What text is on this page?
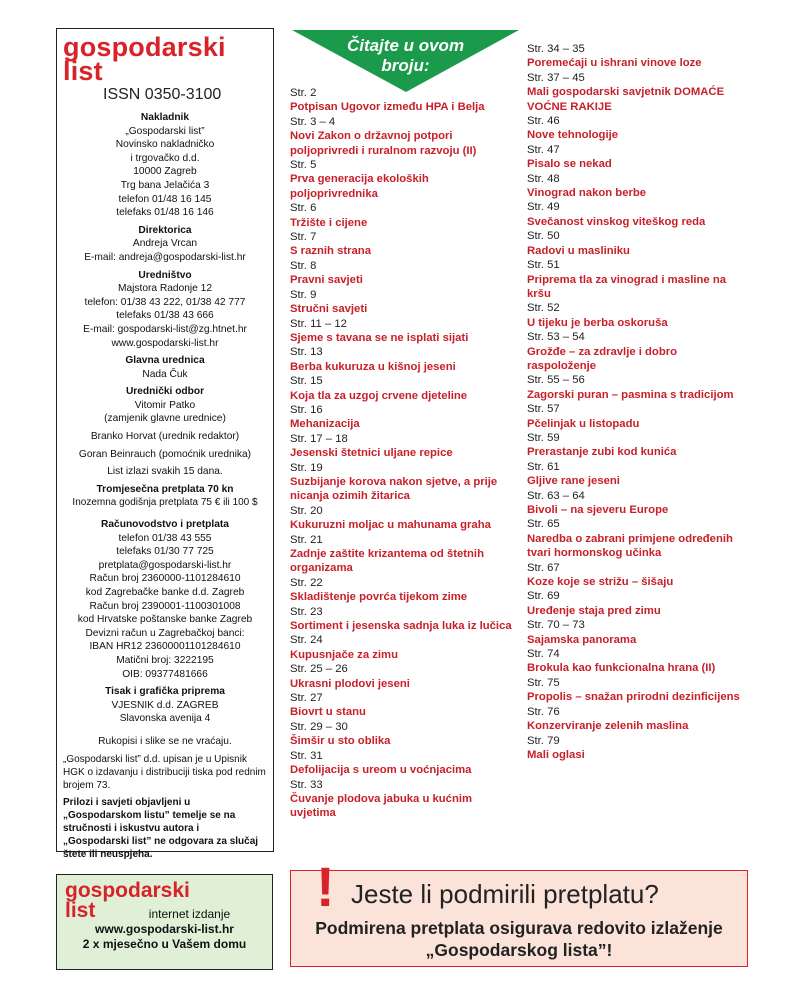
gospodarski
list
ISSN 0350-3100
Nakladnik
„Gospodarski list”
Novinsko nakladničko
i trgovačko d.d.
10000 Zagreb
Trg bana Jelačića 3
telefon 01/48 16 145
telefaks 01/48 16 146
Direktorica
Andreja Vrcan
E-mail: andreja@gospodarski-list.hr
Uredništvo
Majstora Radonje 12
telefon: 01/38 43 222, 01/38 42 777
telefaks 01/38 43 666
E-mail: gospodarski-list@zg.htnet.hr
www.gospodarski-list.hr
Glavna urednica
Nada Čuk
Urednički odbor
Vitomir Patko
(zamjenik glavne urednice)
Branko Horvat (urednik redaktor)
Goran Beinrauch (pomoćnik urednika)
List izlazi svakih 15 dana.
Tromjesečna pretplata 70 kn
Inozemna godišnja pretplata 75 € ili 100 $
Računovodstvo i pretplata
telefon 01/38 43 555
telefaks 01/30 77 725
pretplata@gospodarski-list.hr
Račun broj 2360000-1101284610
kod Zagrebačke banke d.d. Zagreb
Račun broj 2390001-1100301008
kod Hrvatske poštanske banke Zagreb
Devizni račun u Zagrebačkoj banci:
IBAN HR12 23600001101284610
Matični broj: 3222195
OIB: 09377481666
Tisak i grafička priprema
VJESNIK d.d. ZAGREB
Slavonska avenija 4
Rukopisi i slike se ne vraćaju.
„Gospodarski list” d.d. upisan je u Upisnik HGK o izdavanju i distribuciji tiska pod rednim brojem 73.
Prilozi i savjeti objavljeni u „Gospodarskom listu” temelje se na stručnosti i iskustvu autora i „Gospodarski list” ne odgovara za slučaj štete ili neuspjeha.
Čitajte u ovom
broju:
Str. 2
Potpisan Ugovor između HPA i Belja
Str. 3 – 4
Novi Zakon o državnoj potpori poljoprivredi i ruralnom razvoju (II)
Str. 5
Prva generacija ekoloških poljoprivrednika
Str. 6
Tržište i cijene
Str. 7
S raznih strana
Str. 8
Pravni savjeti
Str. 9
Stručni savjeti
Str. 11 – 12
Sjeme s tavana se ne isplati sijati
Str. 13
Berba kukuruza u kišnoj jeseni
Str. 15
Koja tla za uzgoj crvene djeteline
Str. 16
Mehanizacija
Str. 17 – 18
Jesenski štetnici uljane repice
Str. 19
Suzbijanje korova nakon sjetve, a prije nicanja ozimih žitarica
Str. 20
Kukuruzni moljac u mahunama graha
Str. 21
Zadnje zaštite krizantema od štetnih organizama
Str. 22
Skladištenje povrća tijekom zime
Str. 23
Sortiment i jesenska sadnja luka iz lučica
Str. 24
Kupusnjače za zimu
Str. 25 – 26
Ukrasni plodovi jeseni
Str. 27
Biovrt u stanu
Str. 29 – 30
Šimšir u sto oblika
Str. 31
Defolijacija s ureom u voćnjacima
Str. 33
Čuvanje plodova jabuka u kućnim uvjetima
Str. 34 – 35
Poremećaji u ishrani vinove loze
Str. 37 – 45
Mali gospodarski savjetnik DOMAĆE VOĆNE RAKIJE
Str. 46
Nove tehnologije
Str. 47
Pisalo se nekad
Str. 48
Vinograd nakon berbe
Str. 49
Svečanost vinskog viteškog reda
Str. 50
Radovi u masliniku
Str. 51
Priprema tla za vinograd i masline na kršu
Str. 52
U tijeku je berba oskoruša
Str. 53 – 54
Grožđe – za zdravlje i dobro raspoloženje
Str. 55 – 56
Zagorski puran – pasmina s tradicijom
Str. 57
Pčelinjak u listopadu
Str. 59
Prerastanje zubi kod kunića
Str. 61
Gljive rane jeseni
Str. 63 – 64
Bivoli – na sjeveru Europe
Str. 65
Naredba o zabrani primjene određenih tvari hormonskog učinka
Str. 67
Koze koje se strižu – šišaju
Str. 69
Uređenje staja pred zimu
Str. 70 – 73
Sajamska panorama
Str. 74
Brokula kao funkcionalna hrana (II)
Str. 75
Propolis – snažan prirodni dezinficijens
Str. 76
Konzerviranje zelenih maslina
Str. 79
Mali oglasi
gospodarski
list	internet izdanje
www.gospodarski-list.hr
2 x mjesečno u Vašem domu
! Jeste li podmirili pretplatu?
Podmirena pretplata osigurava redovito izlaženje
„Gospodarskog lista”!
